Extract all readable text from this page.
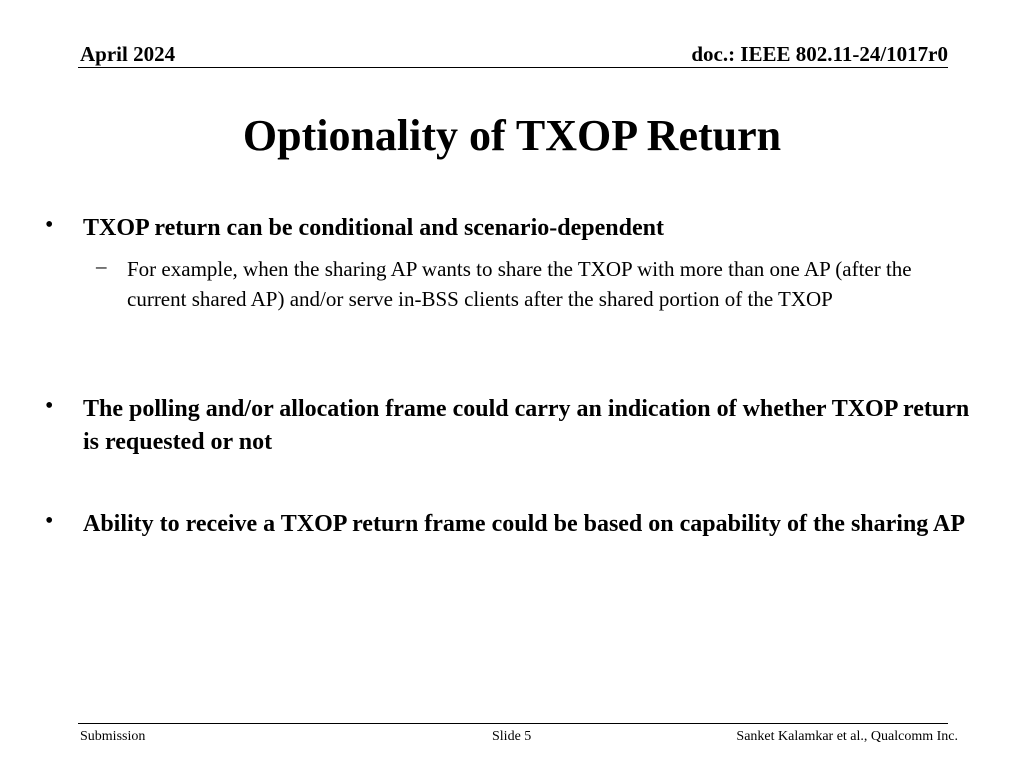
April 2024	doc.: IEEE 802.11-24/1017r0
Optionality of TXOP Return
• TXOP return can be conditional and scenario-dependent
– For example, when the sharing AP wants to share the TXOP with more than one AP (after the current shared AP) and/or serve in-BSS clients after the shared portion of the TXOP
• The polling and/or allocation frame could carry an indication of whether TXOP return is requested or not
• Ability to receive a TXOP return frame could be based on capability of the sharing AP
Submission	Slide 5	Sanket Kalamkar et al., Qualcomm Inc.
